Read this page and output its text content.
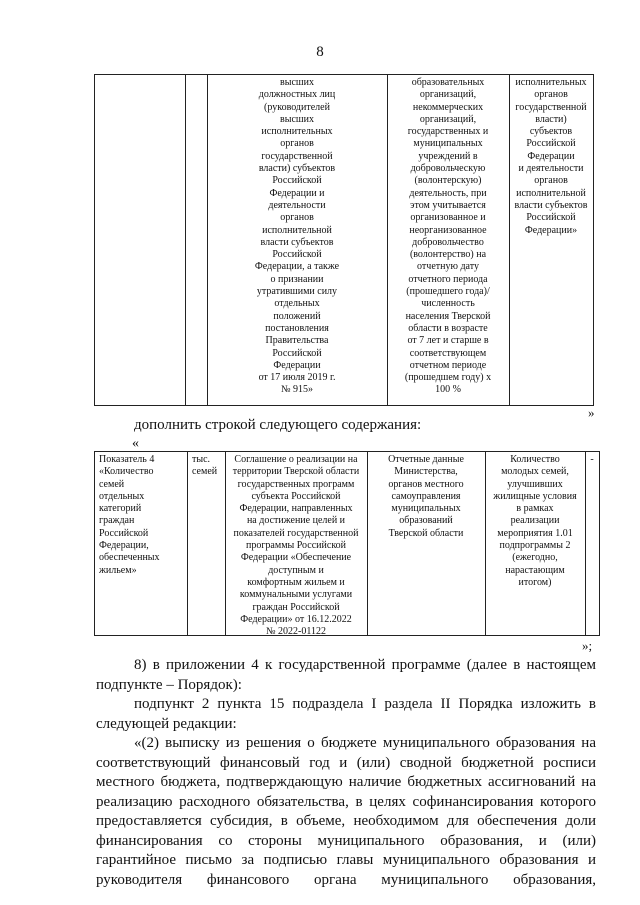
8
высших
должностных лиц
(руководителей
высших
исполнительных
органов
государственной
власти) субъектов
Российской
Федерации и
деятельности
органов
исполнительной
власти субъектов
Российской
Федерации, а также
о признании
утратившими силу
отдельных
положений
постановления
Правительства
Российской
Федерации
от 17 июля 2019 г.
№ 915»
образовательных
организаций,
некоммерческих
организаций,
государственных и
муниципальных
учреждений в
добровольческую
(волонтерскую)
деятельность, при
этом учитывается
организованное и
неорганизованное
добровольчество
(волонтерство) на
отчетную дату
отчетного периода
(прошедшего года)/
численность
населения Тверской
области в возрасте
от 7 лет и старше в
соответствующем
отчетном периоде
(прошедшем году) х
100 %
исполнительных
органов
государственной
власти)
субъектов
Российской
Федерации
и деятельности
органов
исполнительной
власти субъектов
Российской
Федерации»
»
дополнить строкой следующего содержания:
«
Показатель 4
«Количество
семей
отдельных
категорий
граждан
Российской
Федерации,
обеспеченных
жильем»
тыс.
семей
Соглашение о реализации на
территории Тверской области
государственных программ
субъекта Российской
Федерации, направленных
на достижение целей и
показателей государственной
программы Российской
Федерации «Обеспечение
доступным и
комфортным жильем и
коммунальными услугами
граждан Российской
Федерации» от 16.12.2022
№ 2022-01122
Отчетные данные
Министерства,
органов местного
самоуправления
муниципальных
образований
Тверской области
Количество
молодых семей,
улучшивших
жилищные условия
в рамках
реализации
мероприятия 1.01
подпрограммы 2
(ежегодно,
нарастающим
итогом)
-
»;
8) в приложении 4 к государственной программе (далее в настоящем подпункте – Порядок):
подпункт 2 пункта 15 подраздела I раздела II Порядка изложить в следующей редакции:
«(2) выписку из решения о бюджете муниципального образования на соответствующий финансовый год и (или) сводной бюджетной росписи местного бюджета, подтверждающую наличие бюджетных ассигнований на реализацию расходного обязательства, в целях софинансирования которого предоставляется субсидия, в объеме, необходимом для обеспечения доли финансирования со стороны муниципального образования, и (или) гарантийное письмо за подписью главы муниципального образования и руководителя финансового органа муниципального образования,
